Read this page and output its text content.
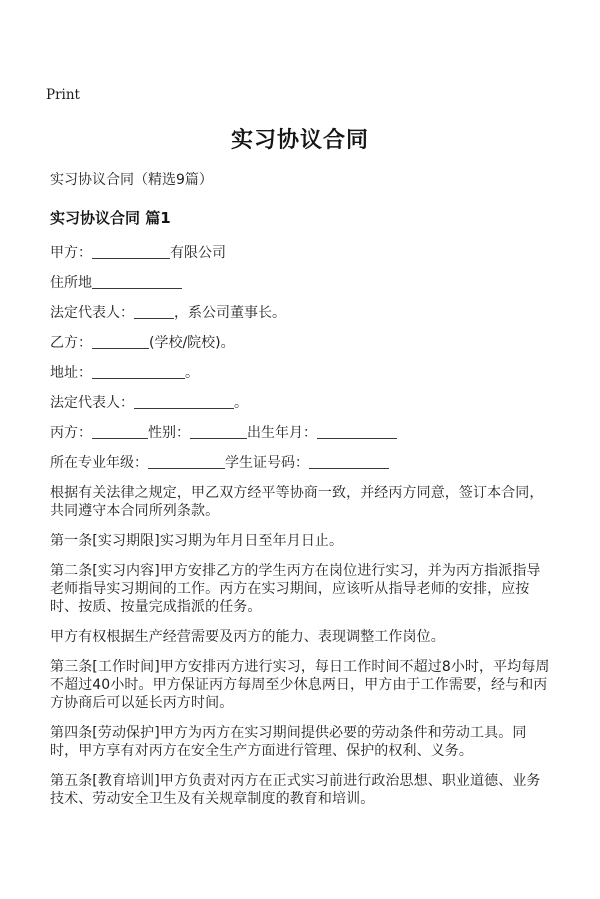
Print
实习协议合同
实习协议合同（精选9篇）
实习协议合同 篇1
甲方：	有限公司
住所地
法定代表人：	，系公司董事长。
乙方：	(学校/院校)。
地址：	。
法定代表人：	。
丙方：	性别：	出生年月：
所在专业年级：	学生证号码：

根据有关法律之规定，甲乙双方经平等协商一致，并经丙方同意，签订本合同，共同遵守本合同所列条款。

第一条[实习期限]实习期为年月日至年月日止。

第二条[实习内容]甲方安排乙方的学生丙方在岗位进行实习，并为丙方指派指导老师指导实习期间的工作。丙方在实习期间，应该听从指导老师的安排，应按时、按质、按量完成指派的任务。

甲方有权根据生产经营需要及丙方的能力、表现调整工作岗位。

第三条[工作时间]甲方安排丙方进行实习，每日工作时间不超过8小时，平均每周不超过40小时。甲方保证丙方每周至少休息两日，甲方由于工作需要，经与和丙方协商后可以延长丙方时间。

第四条[劳动保护]甲方为丙方在实习期间提供必要的劳动条件和劳动工具。同时，甲方享有对丙方在安全生产方面进行管理、保护的权利、义务。

第五条[教育培训]甲方负责对丙方在正式实习前进行政治思想、职业道德、业务技术、劳动安全卫生及有关规章制度的教育和培训。
